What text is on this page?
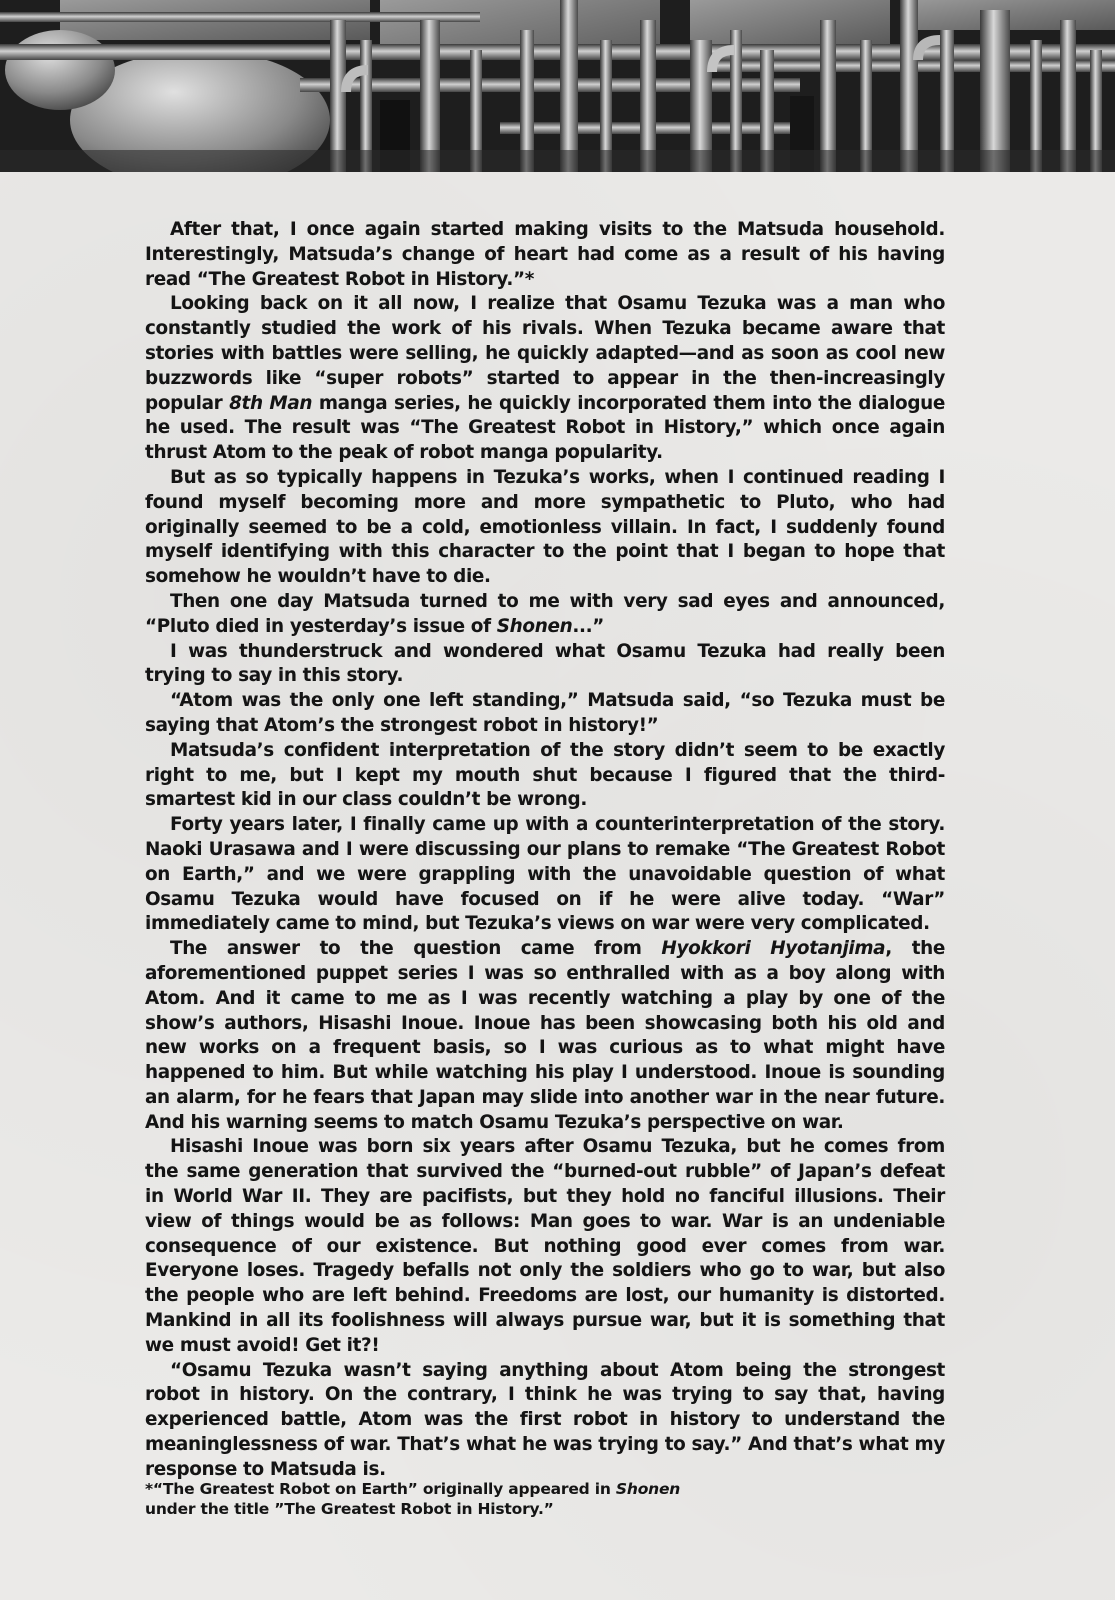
After that, I once again started making visits to the Matsuda household. Interestingly, Matsuda’s change of heart had come as a result of his having read “The Greatest Robot in History.”*

Looking back on it all now, I realize that Osamu Tezuka was a man who constantly studied the work of his rivals. When Tezuka became aware that stories with battles were selling, he quickly adapted—and as soon as cool new buzzwords like “super robots” started to appear in the then-increasingly popular 8th Man manga series, he quickly incorporated them into the dialogue he used. The result was “The Greatest Robot in History,” which once again thrust Atom to the peak of robot manga popularity.

But as so typically happens in Tezuka’s works, when I continued reading I found myself becoming more and more sympathetic to Pluto, who had originally seemed to be a cold, emotionless villain. In fact, I suddenly found myself identifying with this character to the point that I began to hope that somehow he wouldn’t have to die.

Then one day Matsuda turned to me with very sad eyes and announced, “Pluto died in yesterday’s issue of Shonen...”

I was thunderstruck and wondered what Osamu Tezuka had really been trying to say in this story.

“Atom was the only one left standing,” Matsuda said, “so Tezuka must be saying that Atom’s the strongest robot in history!”

Matsuda’s confident interpretation of the story didn’t seem to be exactly right to me, but I kept my mouth shut because I figured that the third-smartest kid in our class couldn’t be wrong.

Forty years later, I finally came up with a counterinterpretation of the story. Naoki Urasawa and I were discussing our plans to remake “The Greatest Robot on Earth,” and we were grappling with the unavoidable question of what Osamu Tezuka would have focused on if he were alive today. “War” immediately came to mind, but Tezuka’s views on war were very complicated.

The answer to the question came from Hyokkori Hyotanjima, the aforementioned puppet series I was so enthralled with as a boy along with Atom. And it came to me as I was recently watching a play by one of the show’s authors, Hisashi Inoue. Inoue has been showcasing both his old and new works on a frequent basis, so I was curious as to what might have happened to him. But while watching his play I understood. Inoue is sounding an alarm, for he fears that Japan may slide into another war in the near future. And his warning seems to match Osamu Tezuka’s perspective on war.

Hisashi Inoue was born six years after Osamu Tezuka, but he comes from the same generation that survived the “burned-out rubble” of Japan’s defeat in World War II. They are pacifists, but they hold no fanciful illusions. Their view of things would be as follows: Man goes to war. War is an undeniable consequence of our existence. But nothing good ever comes from war. Everyone loses. Tragedy befalls not only the soldiers who go to war, but also the people who are left behind. Freedoms are lost, our humanity is distorted. Mankind in all its foolishness will always pursue war, but it is something that we must avoid! Get it?!

“Osamu Tezuka wasn’t saying anything about Atom being the strongest robot in history. On the contrary, I think he was trying to say that, having experienced battle, Atom was the first robot in history to understand the meaninglessness of war. That’s what he was trying to say.” And that’s what my response to Matsuda is.

*“The Greatest Robot on Earth” originally appeared in Shonen

under the title ”The Greatest Robot in History.”
